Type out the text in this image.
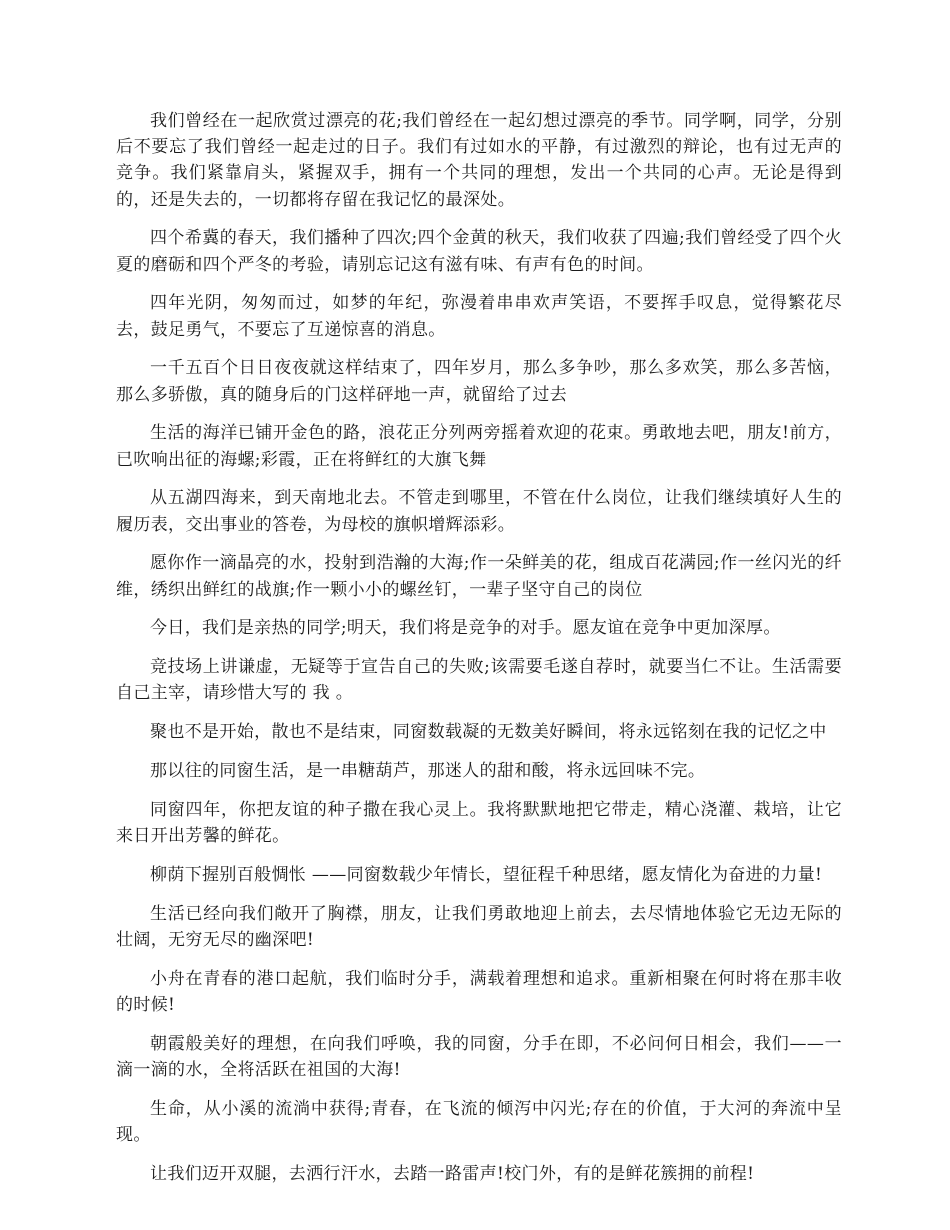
我们曾经在一起欣赏过漂亮的花;我们曾经在一起幻想过漂亮的季节。同学啊，同学，分别后不要忘了我们曾经一起走过的日子。我们有过如水的平静，有过激烈的辩论，也有过无声的竞争。我们紧靠肩头，紧握双手，拥有一个共同的理想，发出一个共同的心声。无论是得到的，还是失去的，一切都将存留在我记忆的最深处。

四个希冀的春天，我们播种了四次;四个金黄的秋天，我们收获了四遍;我们曾经受了四个火夏的磨砺和四个严冬的考验，请别忘记这有滋有味、有声有色的时间。

四年光阴，匆匆而过，如梦的年纪，弥漫着串串欢声笑语，不要挥手叹息，觉得繁花尽去，鼓足勇气，不要忘了互递惊喜的消息。

一千五百个日日夜夜就这样结束了，四年岁月，那么多争吵，那么多欢笑，那么多苦恼，那么多骄傲，真的随身后的门这样砰地一声，就留给了过去

生活的海洋已铺开金色的路，浪花正分列两旁摇着欢迎的花束。勇敢地去吧，朋友!前方，已吹响出征的海螺;彩霞，正在将鲜红的大旗飞舞

从五湖四海来，到天南地北去。不管走到哪里，不管在什么岗位，让我们继续填好人生的履历表，交出事业的答卷，为母校的旗帜增辉添彩。

愿你作一滴晶亮的水，投射到浩瀚的大海;作一朵鲜美的花，组成百花满园;作一丝闪光的纤维，绣织出鲜红的战旗;作一颗小小的螺丝钉，一辈子坚守自己的岗位

今日，我们是亲热的同学;明天，我们将是竞争的对手。愿友谊在竞争中更加深厚。

竞技场上讲谦虚，无疑等于宣告自己的失败;该需要毛遂自荐时，就要当仁不让。生活需要自己主宰，请珍惜大写的 我 。

聚也不是开始，散也不是结束，同窗数载凝的无数美好瞬间，将永远铭刻在我的记忆之中

那以往的同窗生活，是一串糖葫芦，那迷人的甜和酸，将永远回味不完。

同窗四年，你把友谊的种子撒在我心灵上。我将默默地把它带走，精心浇灌、栽培，让它来日开出芳馨的鲜花。

柳荫下握别百般惆怅 ——同窗数载少年情长，望征程千种思绪，愿友情化为奋进的力量!

生活已经向我们敞开了胸襟，朋友，让我们勇敢地迎上前去，去尽情地体验它无边无际的壮阔，无穷无尽的幽深吧!

小舟在青春的港口起航，我们临时分手，满载着理想和追求。重新相聚在何时将在那丰收的时候!

朝霞般美好的理想，在向我们呼唤，我的同窗，分手在即，不必问何日相会，我们——一滴一滴的水，全将活跃在祖国的大海!

生命，从小溪的流淌中获得;青春，在飞流的倾泻中闪光;存在的价值，于大河的奔流中呈现。

让我们迈开双腿，去洒行汗水，去踏一路雷声!校门外，有的是鲜花簇拥的前程!
